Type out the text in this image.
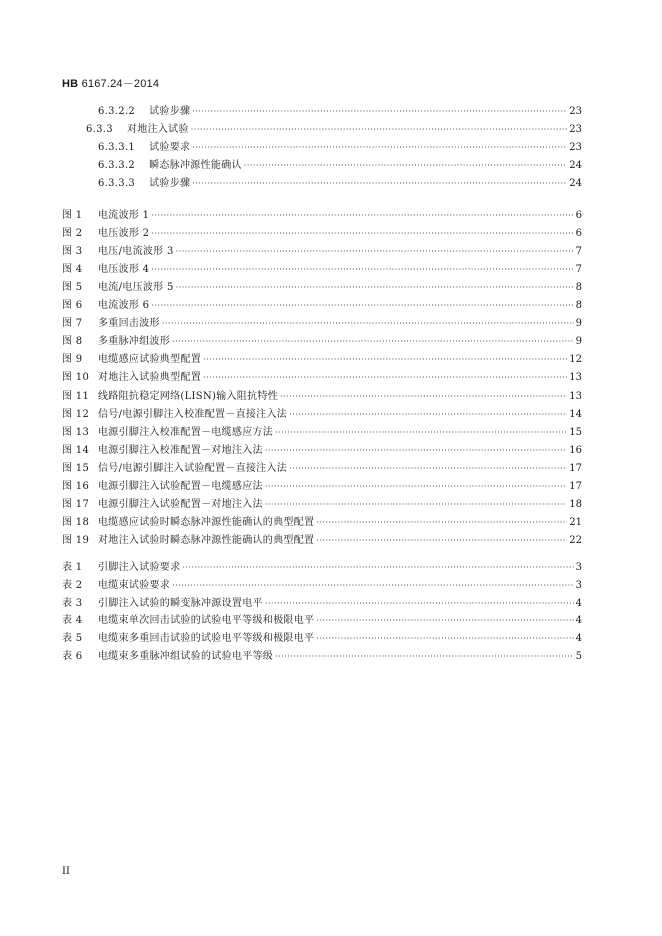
HB 6167.24－2014
6.3.2.2 试验步骤 ·····	23
6.3.3 对地注入试验 ·····	23
6.3.3.1 试验要求 ·····	23
6.3.3.2 瞬态脉冲源性能确认 ·····	24
6.3.3.3 试验步骤 ·····	24
图 1 电流波形 1 ·····	6
图 2 电压波形 2 ·····	6
图 3 电压/电流波形 3 ·····	7
图 4 电压波形 4 ·····	7
图 5 电流/电压波形 5 ·····	8
图 6 电流波形 6 ·····	8
图 7 多重回击波形 ·····	9
图 8 多重脉冲组波形 ·····	9
图 9 电缆感应试验典型配置 ·····	12
图 10 对地注入试验典型配置 ·····	13
图 11 线路阻抗稳定网络(LISN)输入阻抗特性 ·····	13
图 12 信号/电源引脚注入校准配置－直接注入法 ·····	14
图 13 电源引脚注入校准配置－电缆感应方法 ·····	15
图 14 电源引脚注入校准配置－对地注入法 ·····	16
图 15 信号/电源引脚注入试验配置－直接注入法 ·····	17
图 16 电源引脚注入试验配置－电缆感应法 ·····	17
图 17 电源引脚注入试验配置－对地注入法 ·····	18
图 18 电缆感应试验时瞬态脉冲源性能确认的典型配置 ·····	21
图 19 对地注入试验时瞬态脉冲源性能确认的典型配置 ·····	22
表 1 引脚注入试验要求 ·····	3
表 2 电缆束试验要求 ·····	3
表 3 引脚注入试验的瞬变脉冲源设置电平 ·····	4
表 4 电缆束单次回击试验的试验电平等级和极限电平 ·····	4
表 5 电缆束多重回击试验的试验电平等级和极限电平 ·····	4
表 6 电缆束多重脉冲组试验的试验电平等级 ·····	5
II
